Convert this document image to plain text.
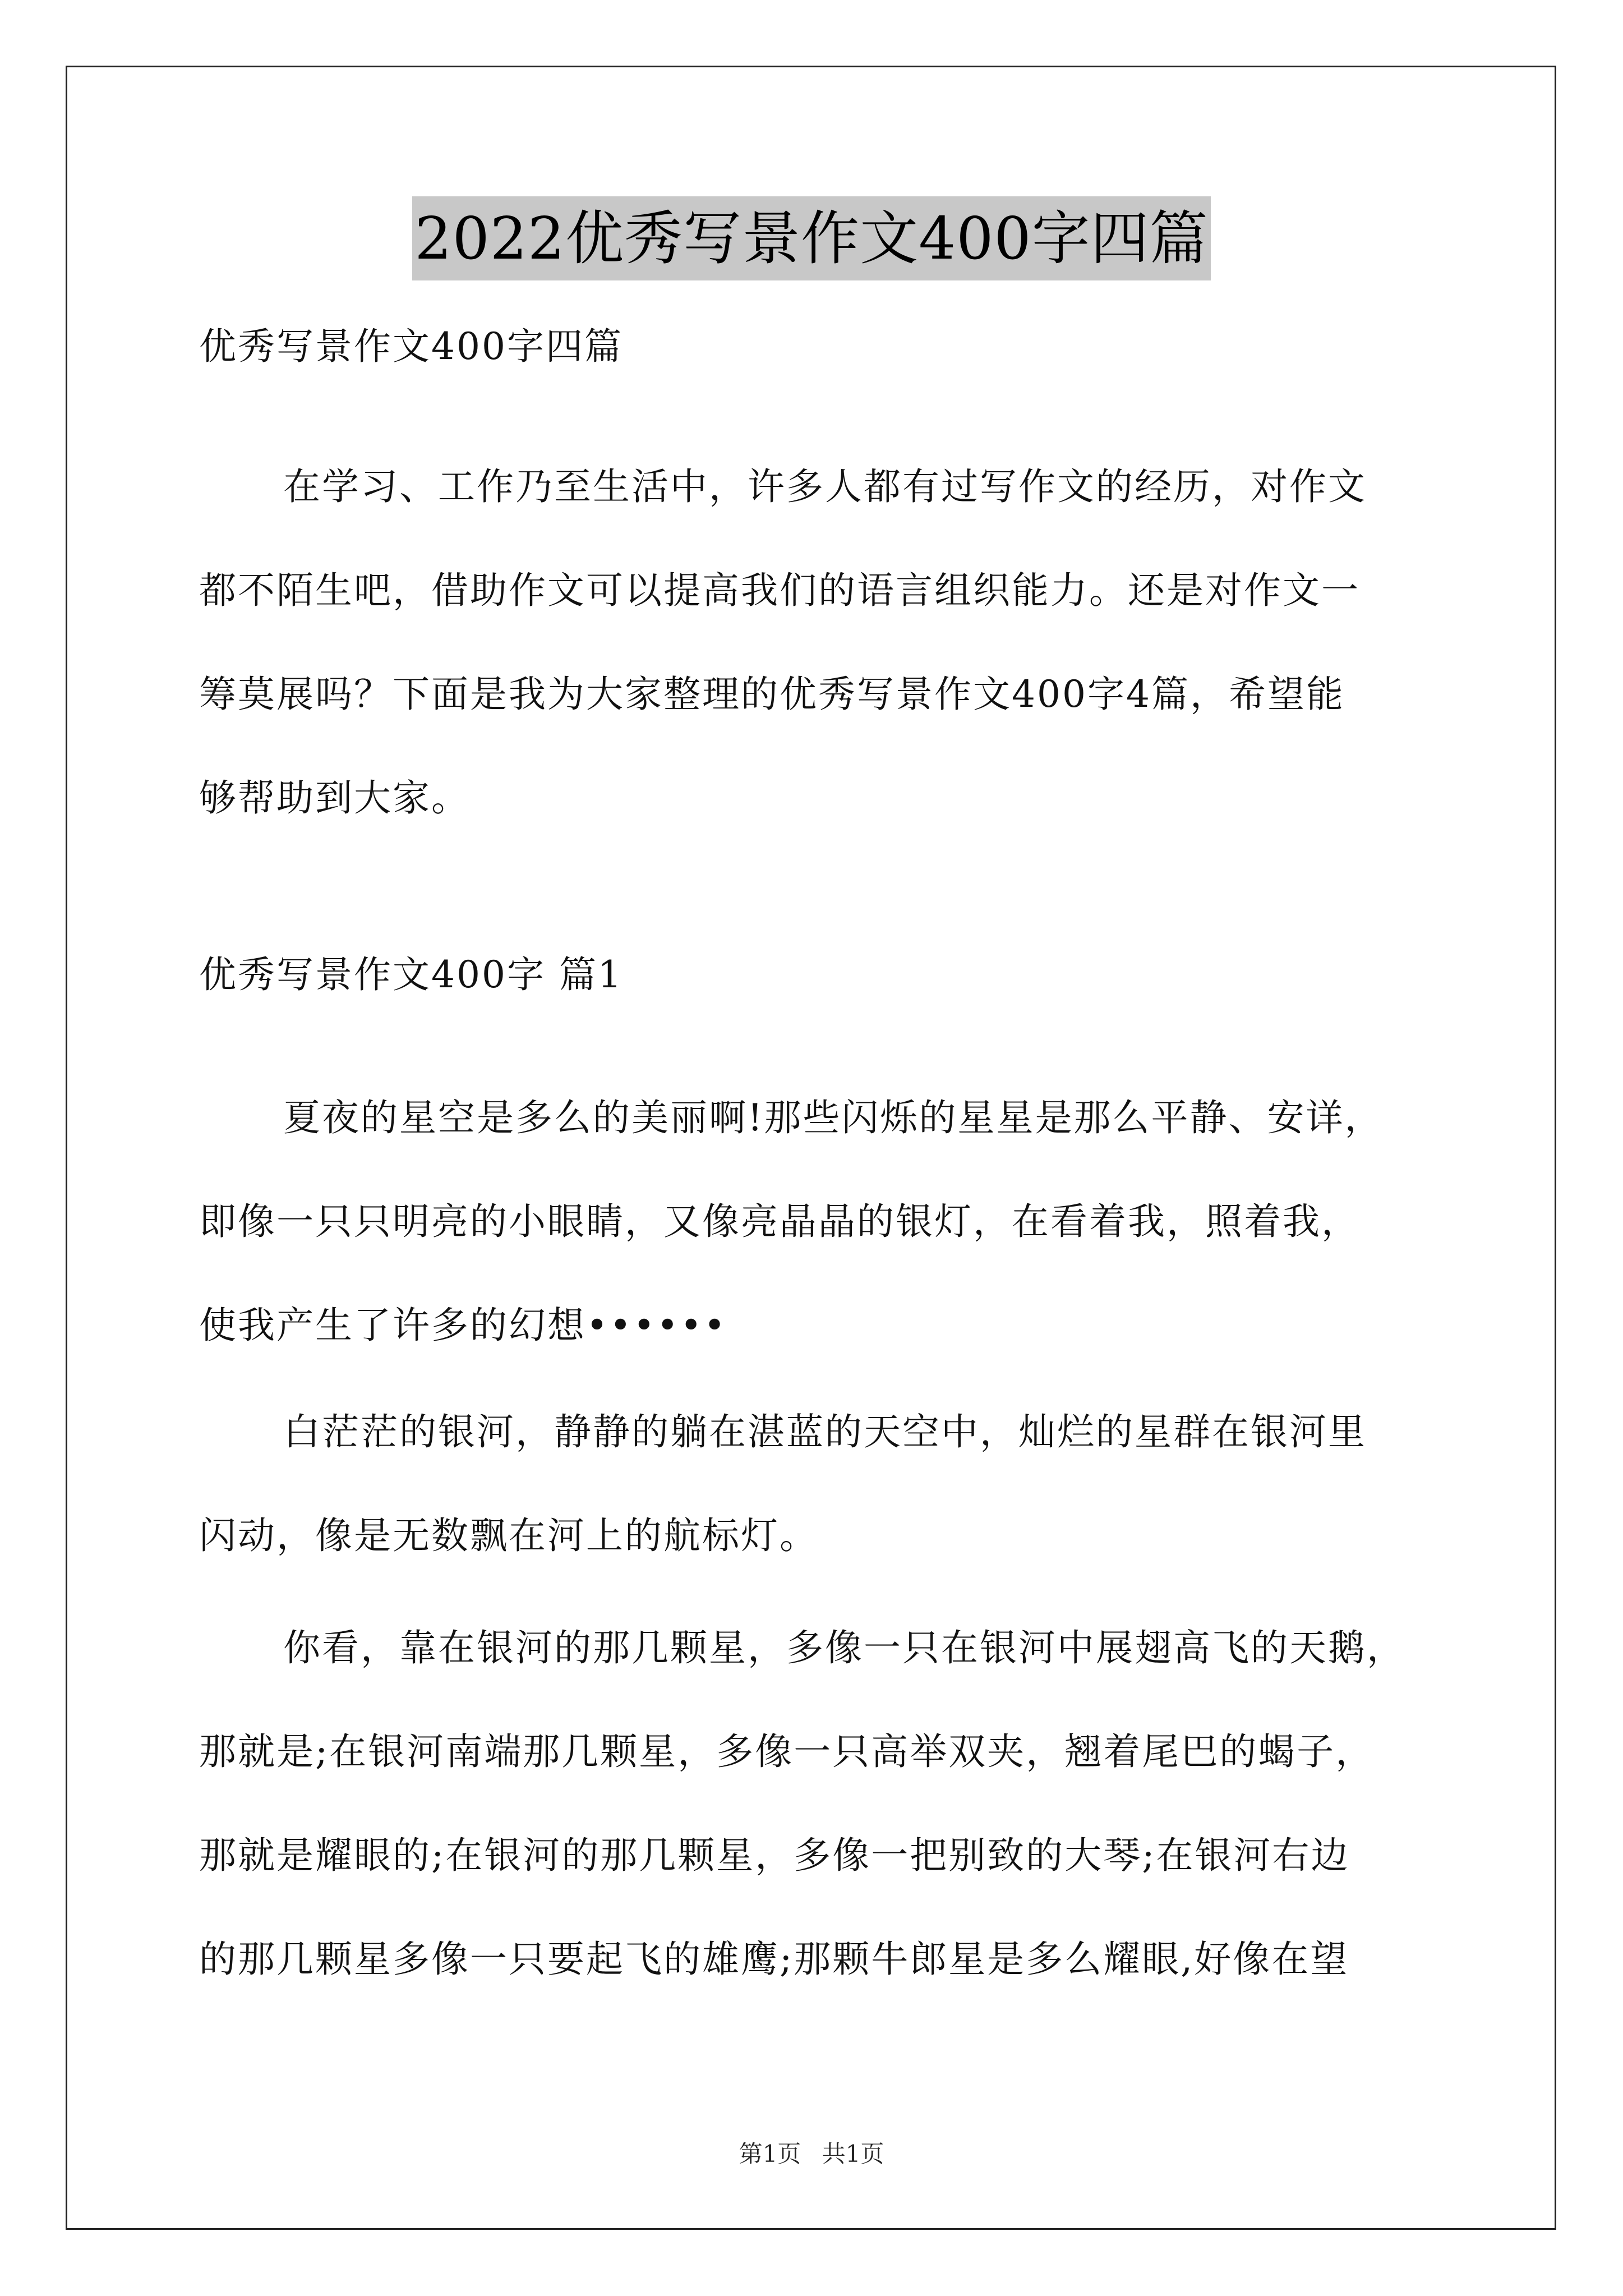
2022优秀写景作文400字四篇
优秀写景作文400字四篇
在学习、工作乃至生活中，许多人都有过写作文的经历，对作文
都不陌生吧，借助作文可以提高我们的语言组织能力。还是对作文一
筹莫展吗？下面是我为大家整理的优秀写景作文400字4篇，希望能
够帮助到大家。
优秀写景作文400字 篇1
夏夜的星空是多么的美丽啊!那些闪烁的星星是那么平静、安详，
即像一只只明亮的小眼睛，又像亮晶晶的银灯，在看着我，照着我，
使我产生了许多的幻想••••••
白茫茫的银河，静静的躺在湛蓝的天空中，灿烂的星群在银河里
闪动，像是无数飘在河上的航标灯。
你看，靠在银河的那几颗星，多像一只在银河中展翅高飞的天鹅，
那就是;在银河南端那几颗星，多像一只高举双夹，翘着尾巴的蝎子，
那就是耀眼的;在银河的那几颗星，多像一把别致的大琴;在银河右边
的那几颗星多像一只要起飞的雄鹰;那颗牛郎星是多么耀眼,好像在望
第1页 共1页
